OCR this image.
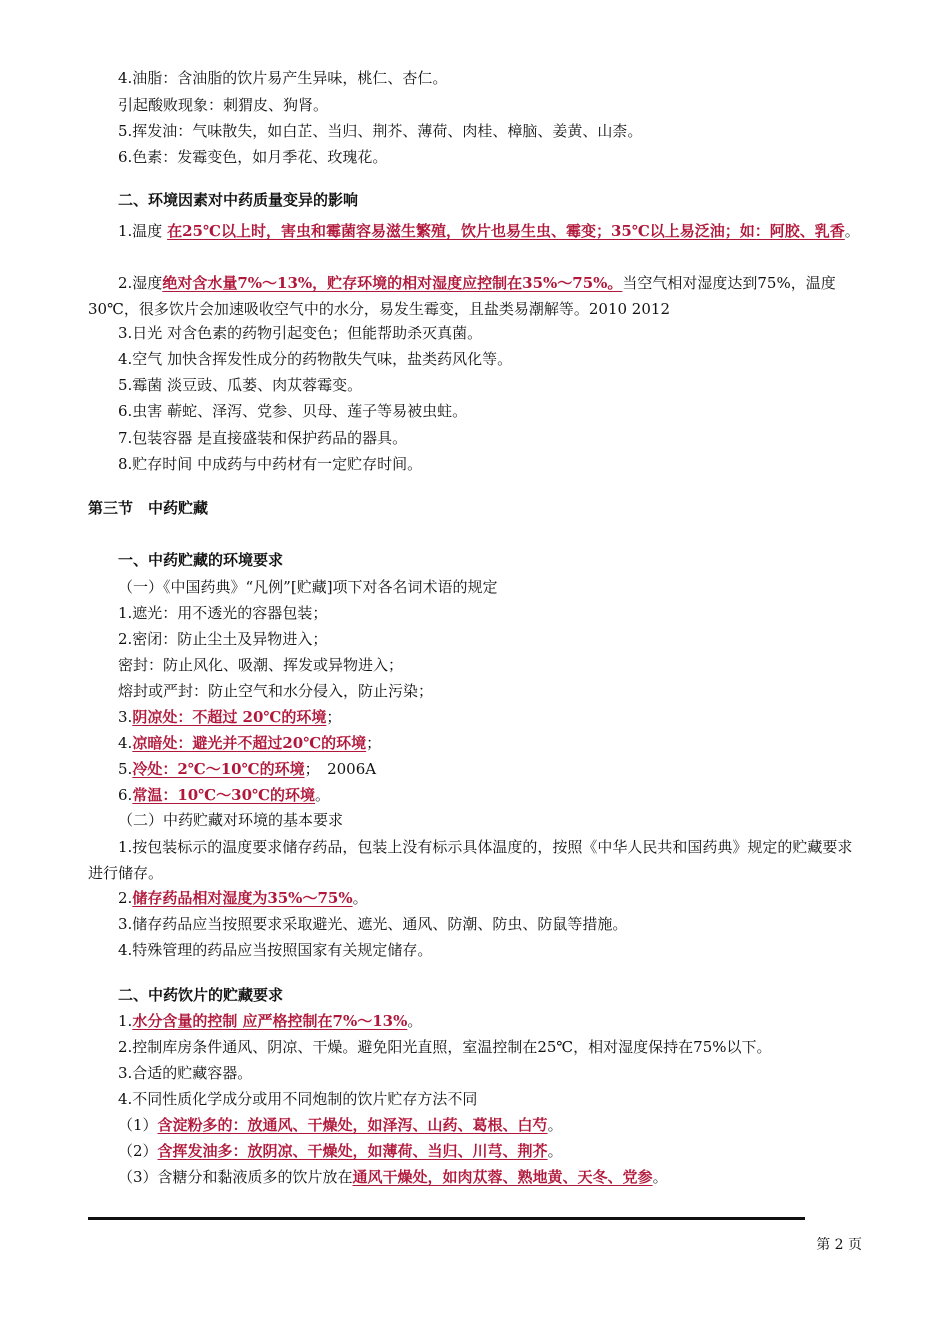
4.油脂：含油脂的饮片易产生异味，桃仁、杏仁。
引起酸败现象：刺猬皮、狗肾。
5.挥发油：气味散失，如白芷、当归、荆芥、薄荷、肉桂、樟脑、姜黄、山柰。
6.色素：发霉变色，如月季花、玫瑰花。
二、环境因素对中药质量变异的影响
1.温度 在25℃以上时，害虫和霉菌容易滋生繁殖，饮片也易生虫、霉变；35℃以上易泛油；如：阿胶、乳香。
2.湿度绝对含水量7%～13%，贮存环境的相对湿度应控制在35%～75%。当空气相对湿度达到75%，温度30℃，很多饮片会加速吸收空气中的水分，易发生霉变，且盐类易潮解等。2010 2012
3.日光 对含色素的药物引起变色；但能帮助杀灭真菌。
4.空气 加快含挥发性成分的药物散失气味，盐类药风化等。
5.霉菌 淡豆豉、瓜蒌、肉苁蓉霉变。
6.虫害 蕲蛇、泽泻、党参、贝母、莲子等易被虫蛀。
7.包装容器 是直接盛装和保护药品的器具。
8.贮存时间 中成药与中药材有一定贮存时间。
第三节　中药贮藏
一、中药贮藏的环境要求
（一）《中国药典》“凡例”[贮藏]项下对各名词术语的规定
1.遮光：用不透光的容器包装；
2.密闭：防止尘土及异物进入；
密封：防止风化、吸潮、挥发或异物进入；
熔封或严封：防止空气和水分侵入，防止污染；
3.阴凉处：不超过 20℃的环境；
4.凉暗处：避光并不超过20℃的环境；
5.冷处：2℃～10℃的环境；　2006A
6.常温：10℃～30℃的环境。
（二）中药贮藏对环境的基本要求
1.按包装标示的温度要求储存药品，包装上没有标示具体温度的，按照《中华人民共和国药典》规定的贮藏要求进行储存。
2.储存药品相对湿度为35%～75%。
3.储存药品应当按照要求采取避光、遮光、通风、防潮、防虫、防鼠等措施。
4.特殊管理的药品应当按照国家有关规定储存。
二、中药饮片的贮藏要求
1.水分含量的控制 应严格控制在7%～13%。
2.控制库房条件通风、阴凉、干燥。避免阳光直照，室温控制在25℃，相对湿度保持在75%以下。
3.合适的贮藏容器。
4.不同性质化学成分或用不同炮制的饮片贮存方法不同
（1）含淀粉多的：放通风、干燥处，如泽泻、山药、葛根、白芍。
（2）含挥发油多：放阴凉、干燥处，如薄荷、当归、川芎、荆芥。
（3）含糖分和黏液质多的饮片放在通风干燥处，如肉苁蓉、熟地黄、天冬、党参。
第 2 页
